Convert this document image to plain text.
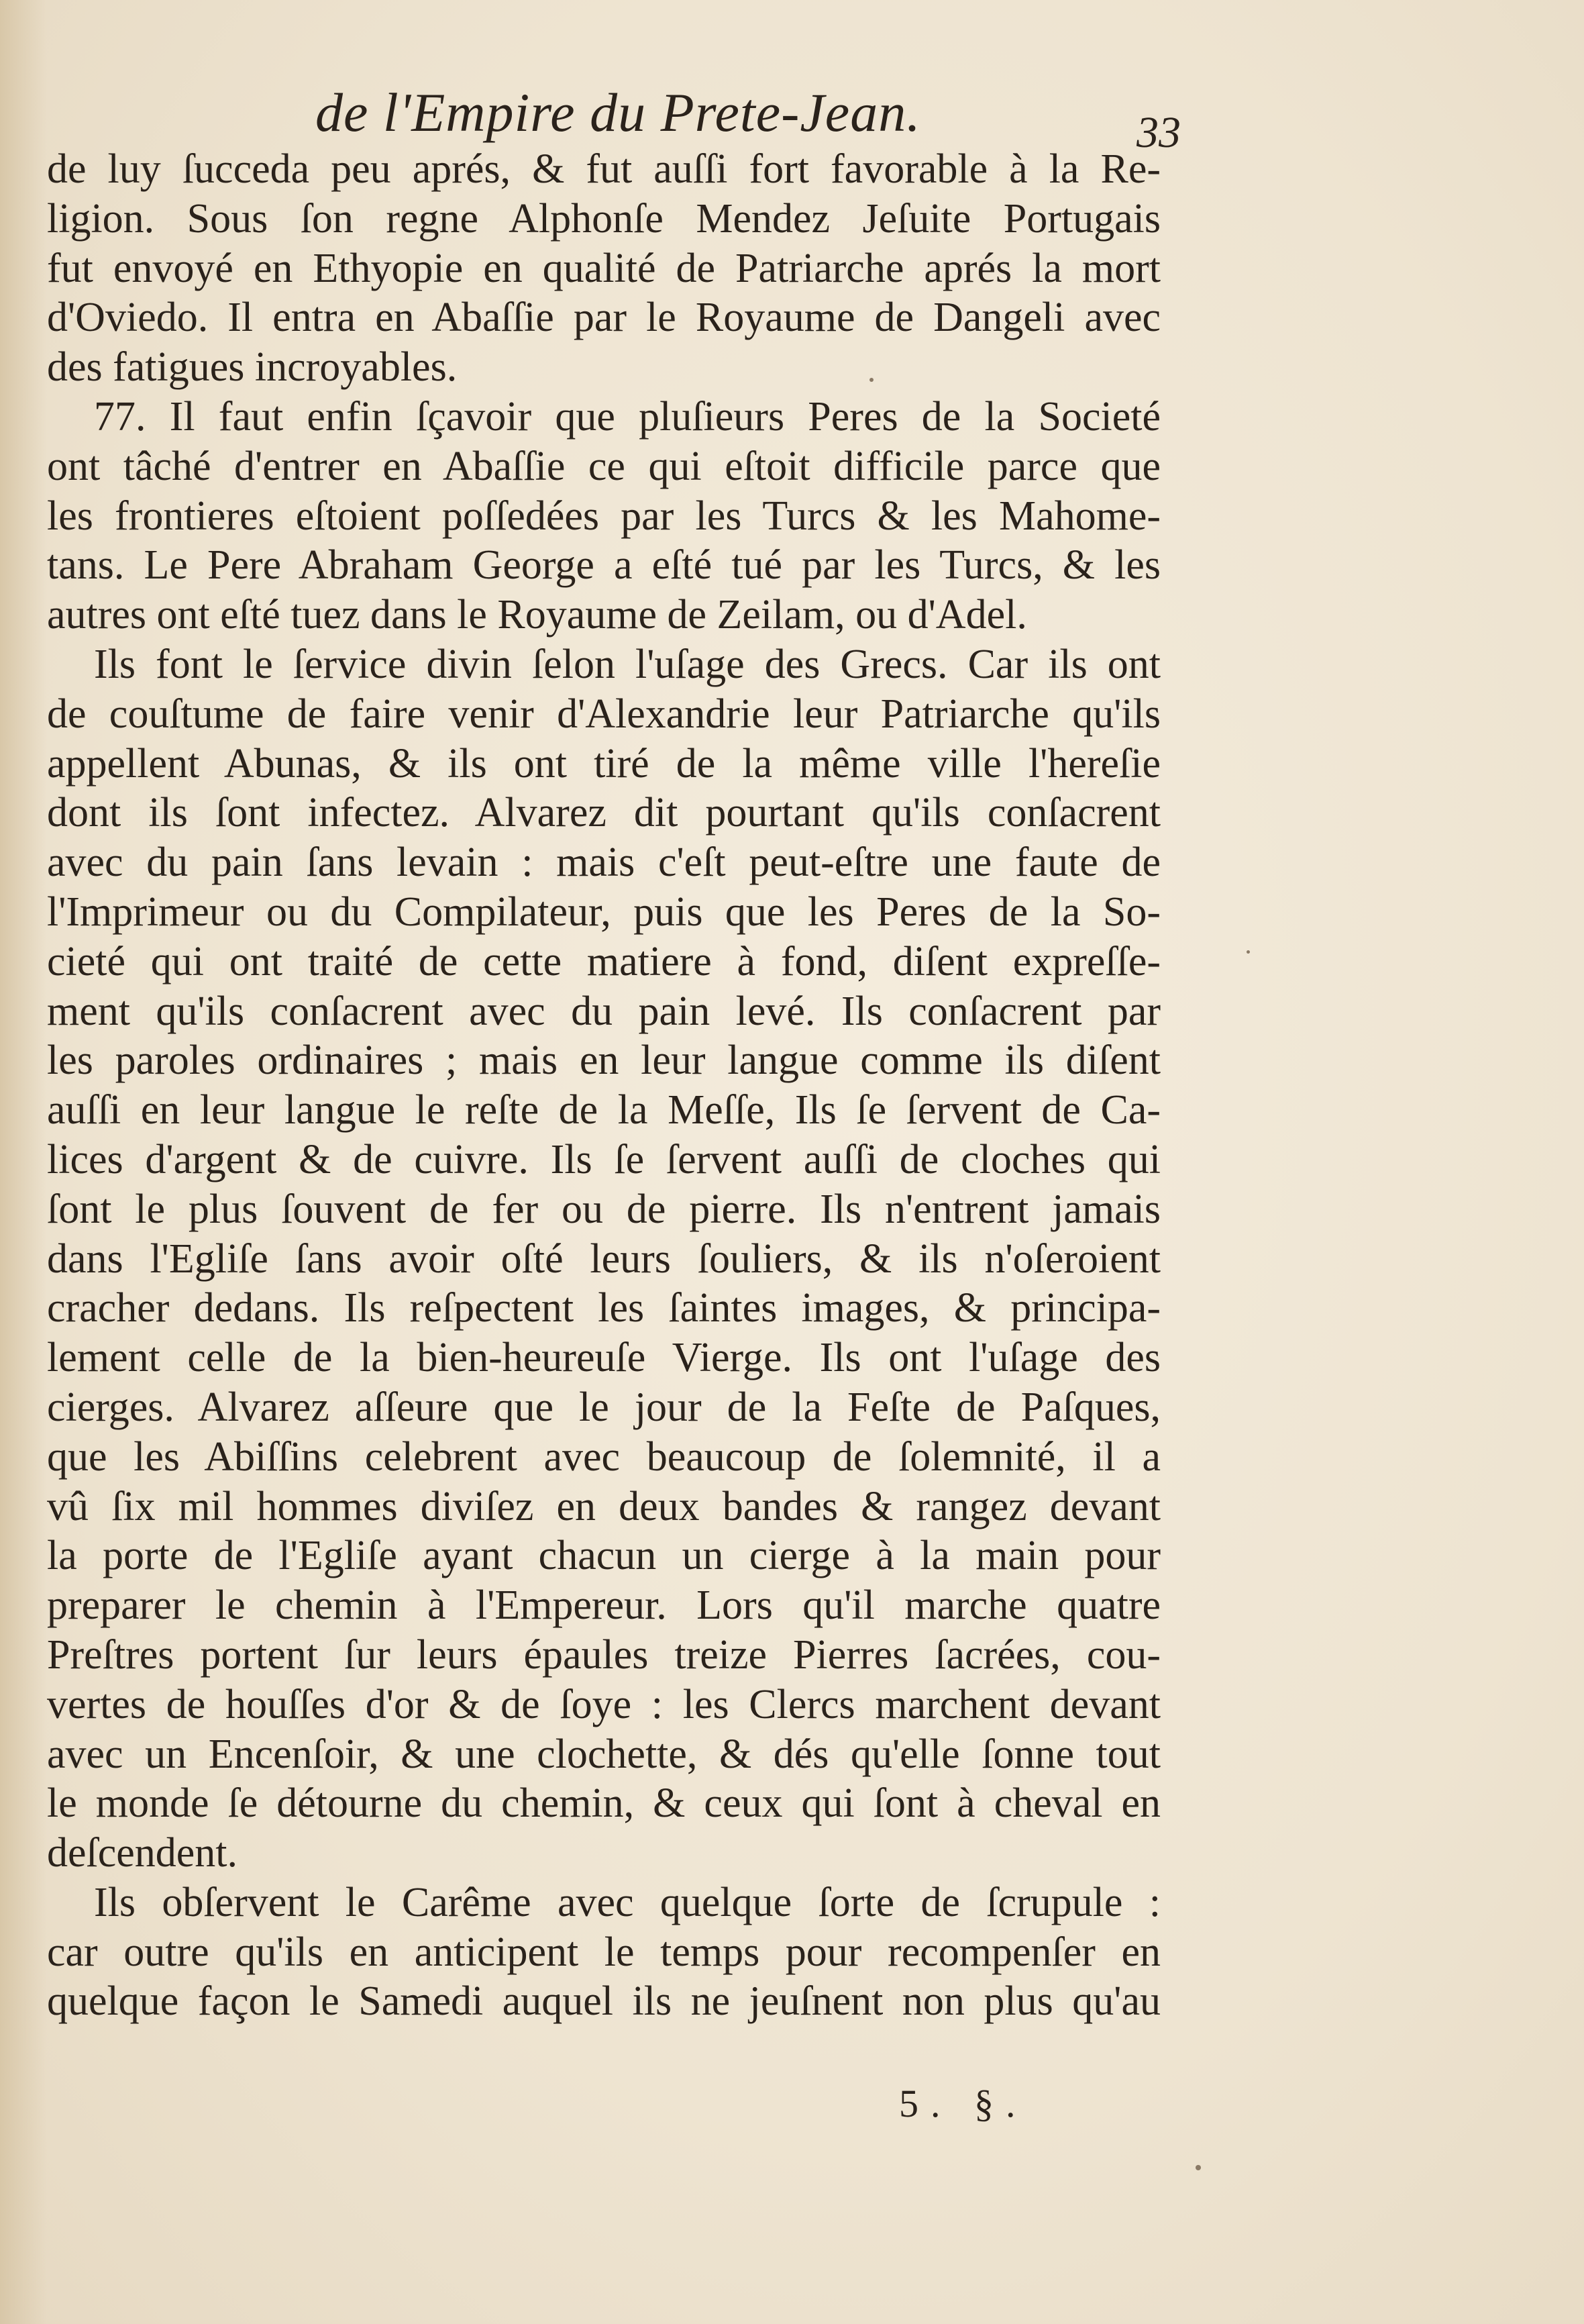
de l'Empire du Prete-Jean.	33
de luy ſucceda peu aprés, & fut auſſi fort favorable à la Re-
ligion. Sous ſon regne Alphonſe Mendez Jeſuite Portugais
fut envoyé en Ethyopie en qualité de Patriarche aprés la mort
d'Oviedo. Il entra en Abaſſie par le Royaume de Dangeli avec
des fatigues incroyables.
77. Il faut enfin ſçavoir que pluſieurs Peres de la Societé
ont tâché d'entrer en Abaſſie ce qui eſtoit difficile parce que
les frontieres eſtoient poſſedées par les Turcs & les Mahome-
tans. Le Pere Abraham George a eſté tué par les Turcs, & les
autres ont eſté tuez dans le Royaume de Zeilam, ou d'Adel.
Ils font le ſervice divin ſelon l'uſage des Grecs. Car ils ont
de couſtume de faire venir d'Alexandrie leur Patriarche qu'ils
appellent Abunas, & ils ont tiré de la même ville l'hereſie
dont ils ſont infectez. Alvarez dit pourtant qu'ils conſacrent
avec du pain ſans levain : mais c'eſt peut-eſtre une faute de
l'Imprimeur ou du Compilateur, puis que les Peres de la So-
cieté qui ont traité de cette matiere à fond, diſent expreſſe-
ment qu'ils conſacrent avec du pain levé. Ils conſacrent par
les paroles ordinaires ; mais en leur langue comme ils diſent
auſſi en leur langue le reſte de la Meſſe, Ils ſe ſervent de Ca-
lices d'argent & de cuivre. Ils ſe ſervent auſſi de cloches qui
ſont le plus ſouvent de fer ou de pierre. Ils n'entrent jamais
dans l'Egliſe ſans avoir oſté leurs ſouliers, & ils n'oſeroient
cracher dedans. Ils reſpectent les ſaintes images, & principa-
lement celle de la bien-heureuſe Vierge. Ils ont l'uſage des
cierges. Alvarez aſſeure que le jour de la Feſte de Paſques,
que les Abiſſins celebrent avec beaucoup de ſolemnité, il a
vû ſix mil hommes diviſez en deux bandes & rangez devant
la porte de l'Egliſe ayant chacun un cierge à la main pour
preparer le chemin à l'Empereur. Lors qu'il marche quatre
Preſtres portent ſur leurs épaules treize Pierres ſacrées, cou-
vertes de houſſes d'or & de ſoye : les Clercs marchent devant
avec un Encenſoir, & une clochette, & dés qu'elle ſonne tout
le monde ſe détourne du chemin, & ceux qui ſont à cheval en
deſcendent.
Ils obſervent le Carême avec quelque ſorte de ſcrupule :
car outre qu'ils en anticipent le temps pour recompenſer en
quelque façon le Samedi auquel ils ne jeuſnent non plus qu'au
5. §.
